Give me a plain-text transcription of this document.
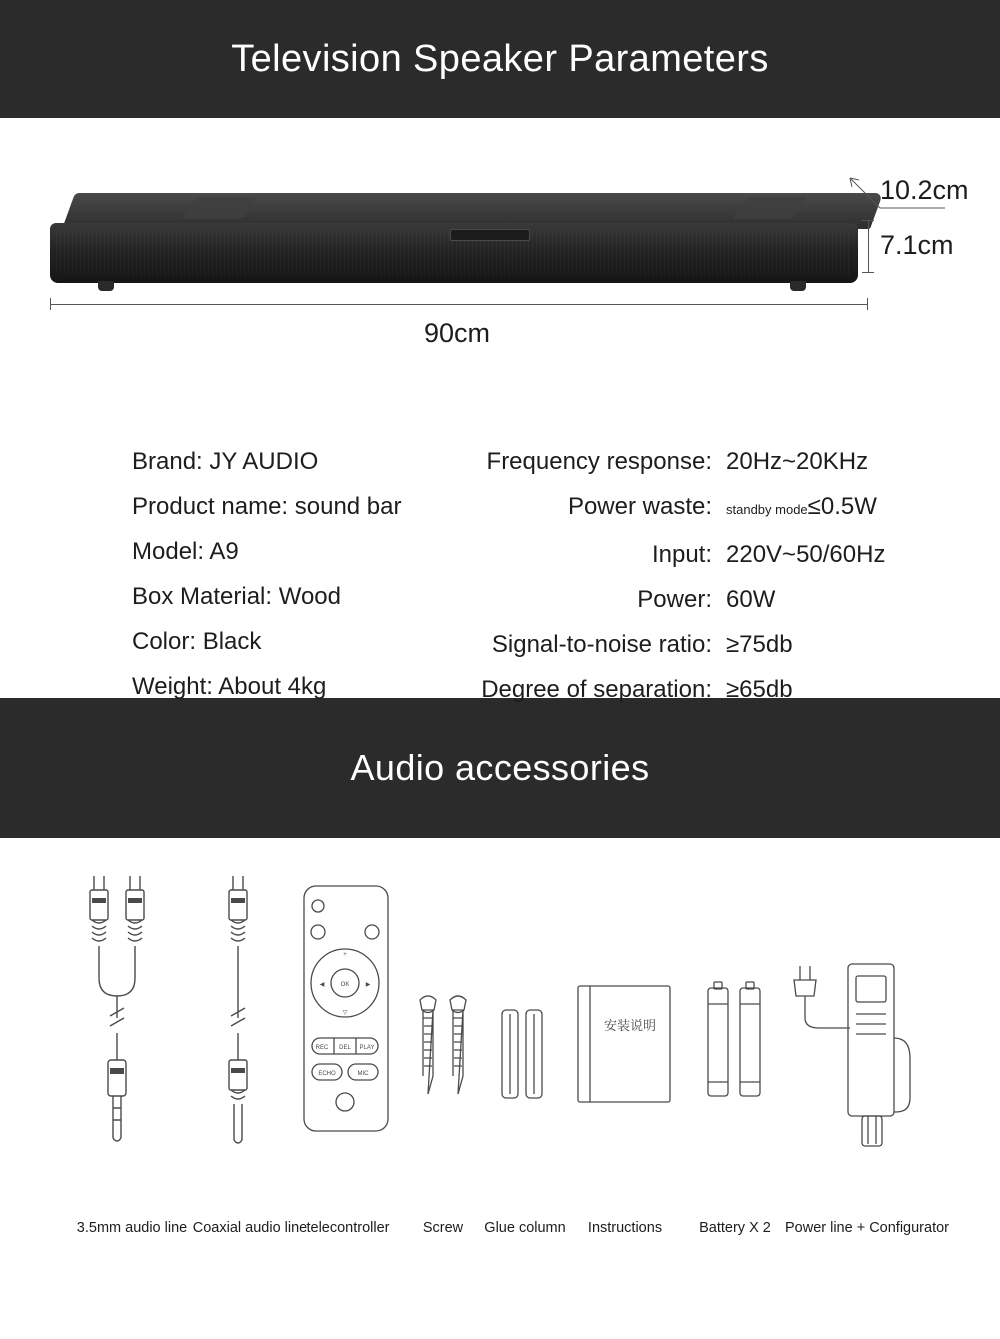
Television Speaker Parameters
10.2cm
7.1cm
90cm
Brand: JY AUDIO
Product name: sound bar
Model: A9
Box Material: Wood
Color: Black
Weight: About 4kg
Frequency response: 20Hz~20KHz
Power waste: standby mode≤0.5W
Input: 220V~50/60Hz
Power: 60W
Signal-to-noise ratio: ≥75db
Degree of separation: ≥65db
Audio accessories
3.5mm audio line Coaxial audio line
+
▽
◀	▶
OK
REC DEL PLAY
ECHO	MIC
telecontroller	Screw	Glue column
安装说明
Instructions	Battery X 2 Power line + Configurator
